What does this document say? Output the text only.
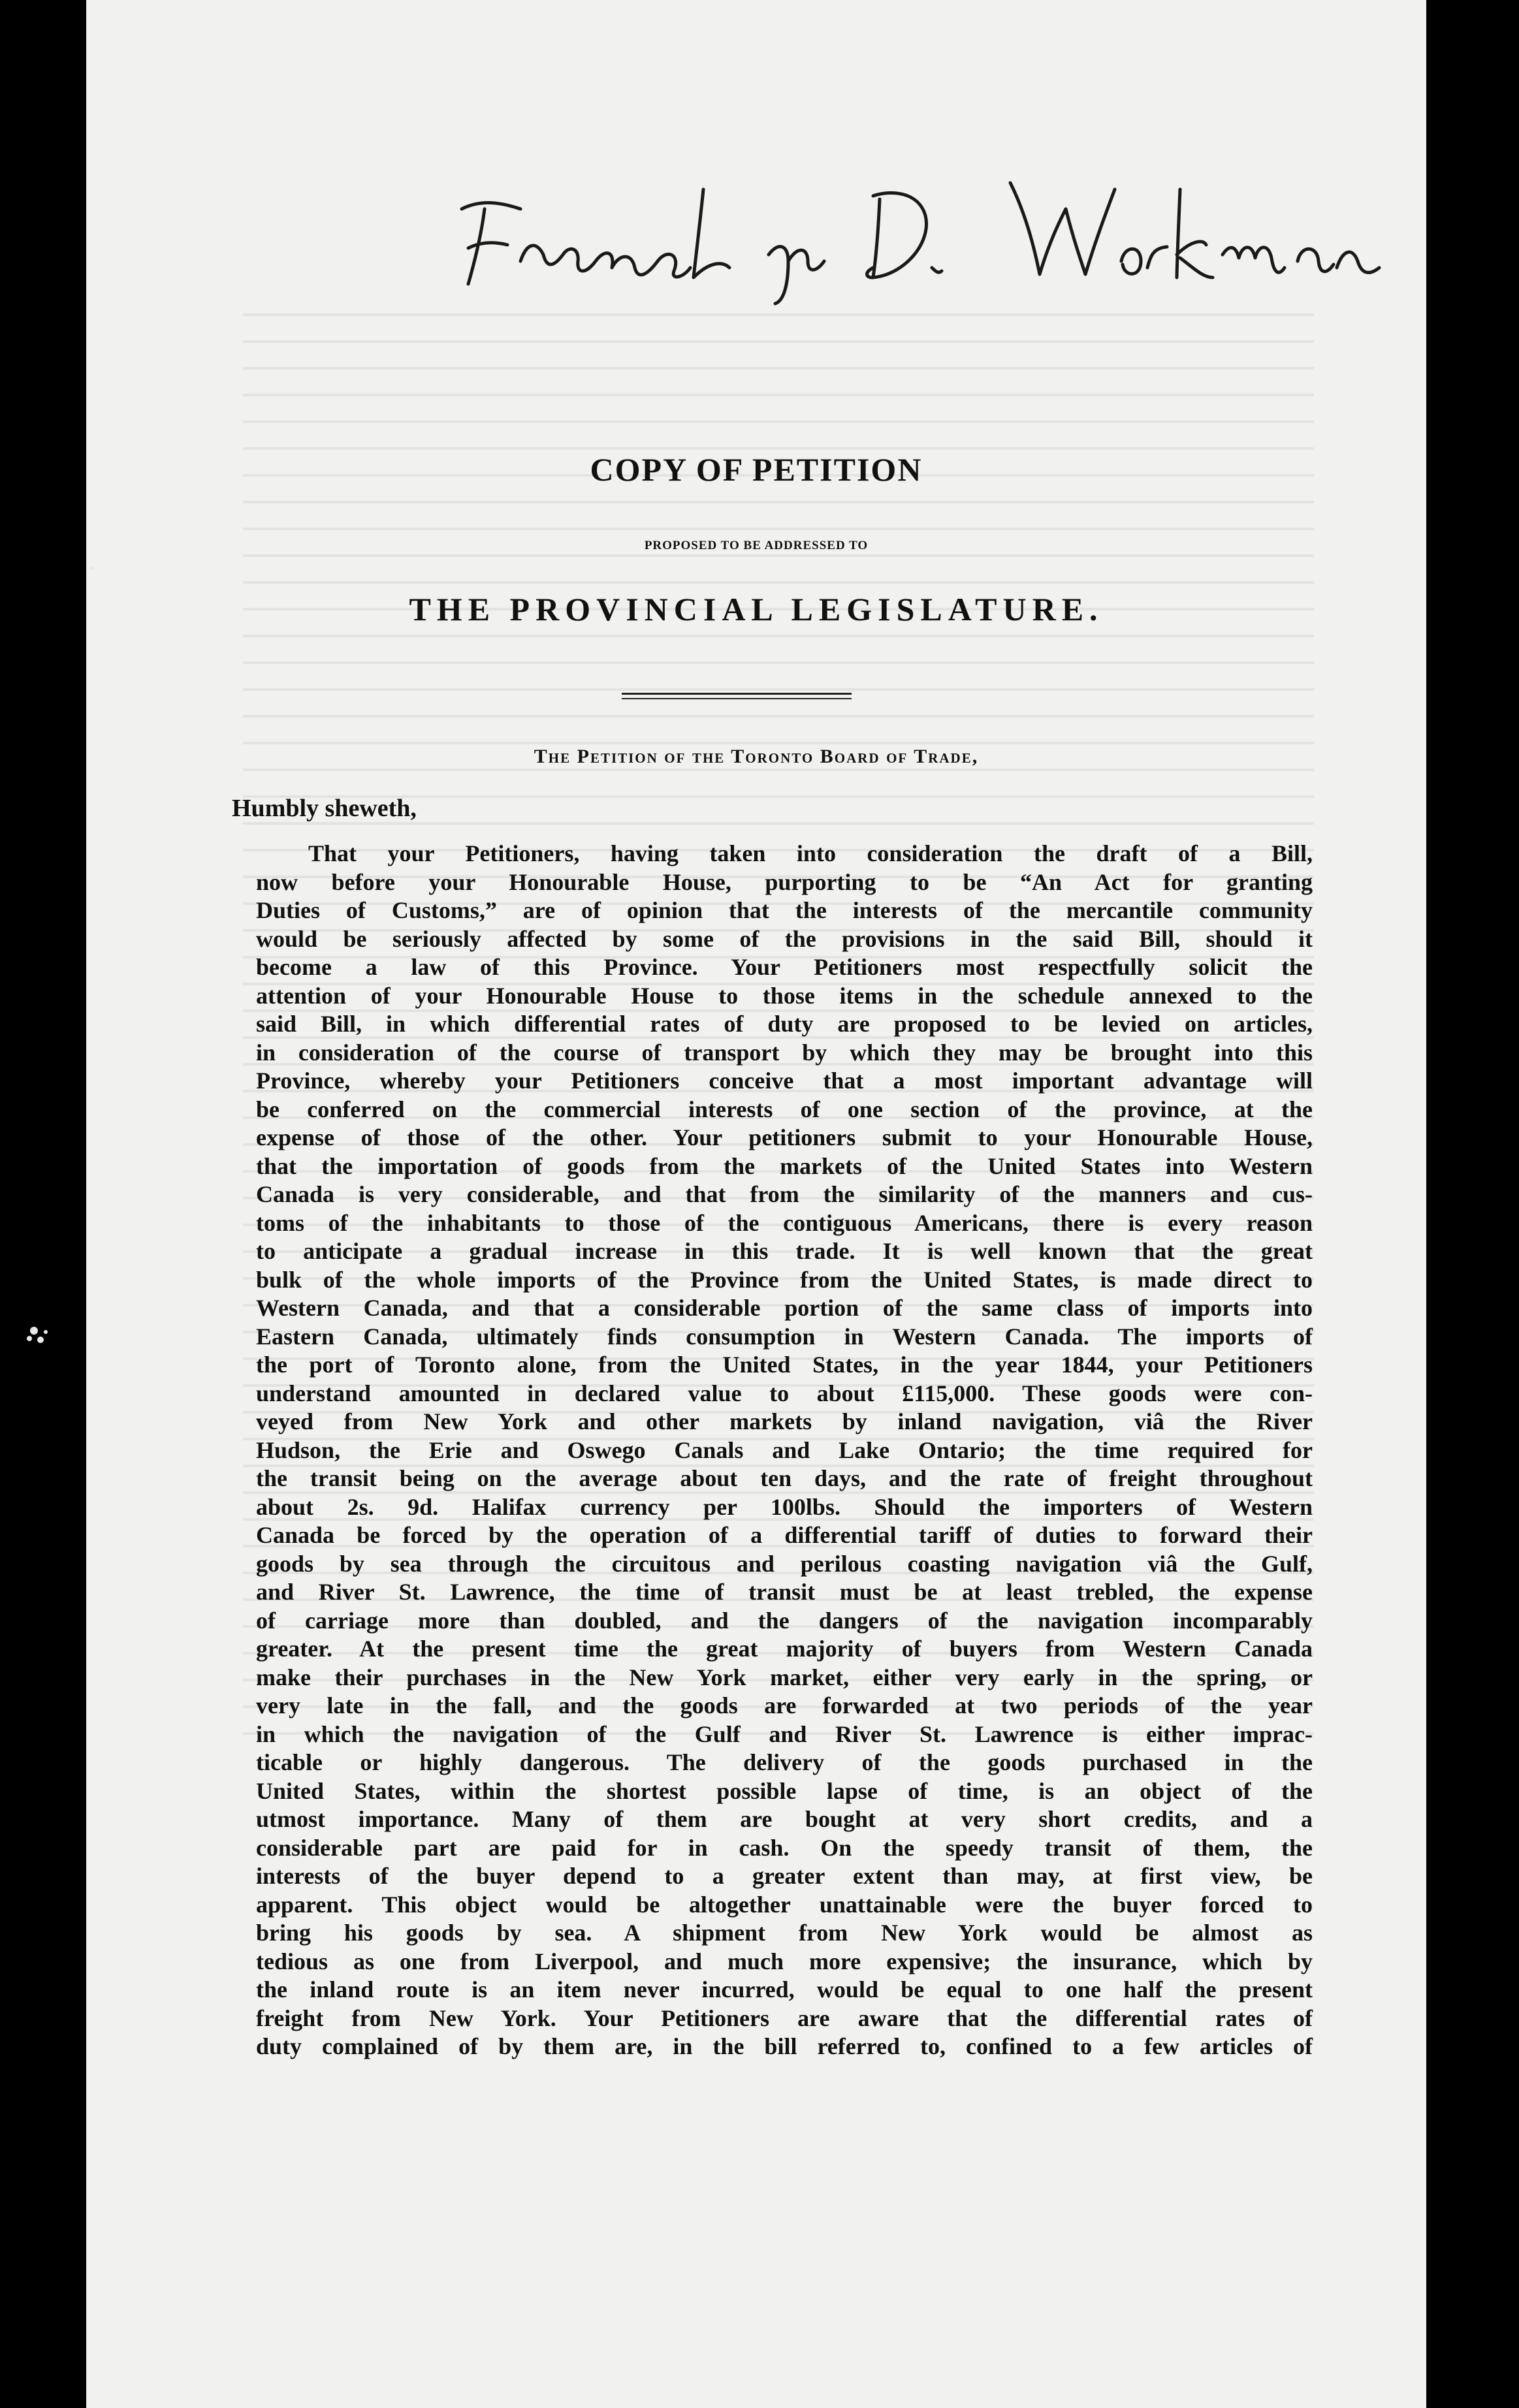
COPY OF PETITION
PROPOSED TO BE ADDRESSED TO
THE PROVINCIAL LEGISLATURE.
The Petition of the Toronto Board of Trade,
Humbly sheweth,
That your Petitioners, having taken into consideration the draft of a Bill,
now before your Honourable House, purporting to be “An Act for granting
Duties of Customs,” are of opinion that the interests of the mercantile community
would be seriously affected by some of the provisions in the said Bill, should it
become a law of this Province. Your Petitioners most respectfully solicit the
attention of your Honourable House to those items in the schedule annexed to the
said Bill, in which differential rates of duty are proposed to be levied on articles,
in consideration of the course of transport by which they may be brought into this
Province, whereby your Petitioners conceive that a most important advantage will
be conferred on the commercial interests of one section of the province, at the
expense of those of the other. Your petitioners submit to your Honourable House,
that the importation of goods from the markets of the United States into Western
Canada is very considerable, and that from the similarity of the manners and cus-
toms of the inhabitants to those of the contiguous Americans, there is every reason
to anticipate a gradual increase in this trade. It is well known that the great
bulk of the whole imports of the Province from the United States, is made direct to
Western Canada, and that a considerable portion of the same class of imports into
Eastern Canada, ultimately finds consumption in Western Canada. The imports of
the port of Toronto alone, from the United States, in the year 1844, your Petitioners
understand amounted in declared value to about £115,000. These goods were con-
veyed from New York and other markets by inland navigation, viâ the River
Hudson, the Erie and Oswego Canals and Lake Ontario; the time required for
the transit being on the average about ten days, and the rate of freight throughout
about 2s. 9d. Halifax currency per 100lbs. Should the importers of Western
Canada be forced by the operation of a differential tariff of duties to forward their
goods by sea through the circuitous and perilous coasting navigation viâ the Gulf,
and River St. Lawrence, the time of transit must be at least trebled, the expense
of carriage more than doubled, and the dangers of the navigation incomparably
greater. At the present time the great majority of buyers from Western Canada
make their purchases in the New York market, either very early in the spring, or
very late in the fall, and the goods are forwarded at two periods of the year
in which the navigation of the Gulf and River St. Lawrence is either imprac-
ticable or highly dangerous. The delivery of the goods purchased in the
United States, within the shortest possible lapse of time, is an object of the
utmost importance. Many of them are bought at very short credits, and a
considerable part are paid for in cash. On the speedy transit of them, the
interests of the buyer depend to a greater extent than may, at first view, be
apparent. This object would be altogether unattainable were the buyer forced to
bring his goods by sea. A shipment from New York would be almost as
tedious as one from Liverpool, and much more expensive; the insurance, which by
the inland route is an item never incurred, would be equal to one half the present
freight from New York. Your Petitioners are aware that the differential rates of
duty complained of by them are, in the bill referred to, confined to a few articles of
